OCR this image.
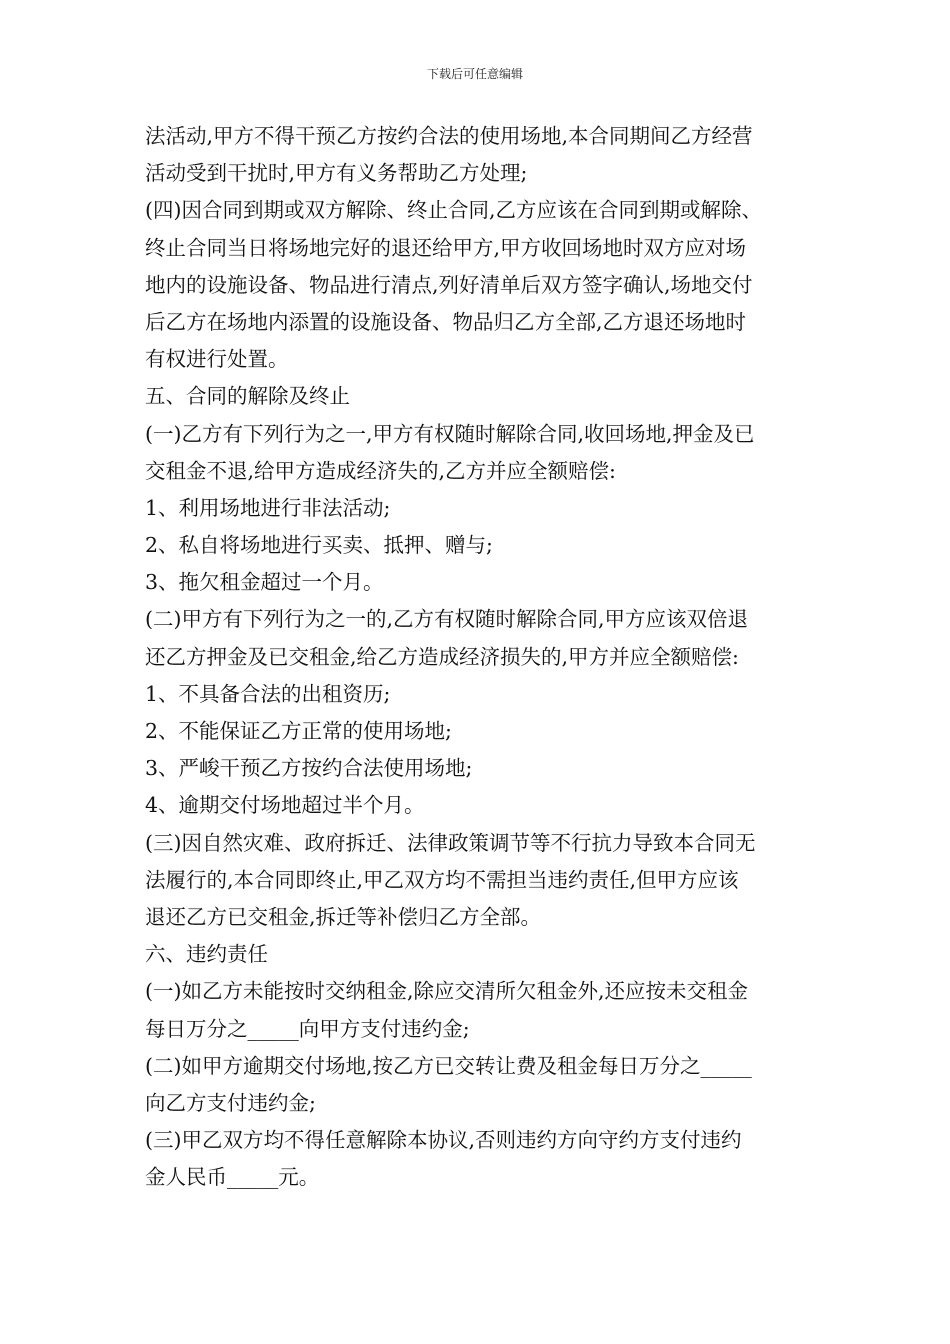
下载后可任意编辑
法活动,甲方不得干预乙方按约合法的使用场地,本合同期间乙方经营
活动受到干扰时,甲方有义务帮助乙方处理;
(四)因合同到期或双方解除、终止合同,乙方应该在合同到期或解除、
终止合同当日将场地完好的退还给甲方,甲方收回场地时双方应对场
地内的设施设备、物品进行清点,列好清单后双方签字确认,场地交付
后乙方在场地内添置的设施设备、物品归乙方全部,乙方退还场地时
有权进行处置。
五、合同的解除及终止
(一)乙方有下列行为之一,甲方有权随时解除合同,收回场地,押金及已
交租金不退,给甲方造成经济失的,乙方并应全额赔偿:
1、利用场地进行非法活动;
2、私自将场地进行买卖、抵押、赠与;
3、拖欠租金超过一个月。
(二)甲方有下列行为之一的,乙方有权随时解除合同,甲方应该双倍退
还乙方押金及已交租金,给乙方造成经济损失的,甲方并应全额赔偿:
1、不具备合法的出租资历;
2、不能保证乙方正常的使用场地;
3、严峻干预乙方按约合法使用场地;
4、逾期交付场地超过半个月。
(三)因自然灾难、政府拆迁、法律政策调节等不行抗力导致本合同无
法履行的,本合同即终止,甲乙双方均不需担当违约责任,但甲方应该
退还乙方已交租金,拆迁等补偿归乙方全部。
六、违约责任
(一)如乙方未能按时交纳租金,除应交清所欠租金外,还应按未交租金
每日万分之_____向甲方支付违约金;
(二)如甲方逾期交付场地,按乙方已交转让费及租金每日万分之_____
向乙方支付违约金;
(三)甲乙双方均不得任意解除本协议,否则违约方向守约方支付违约
金人民币_____元。
